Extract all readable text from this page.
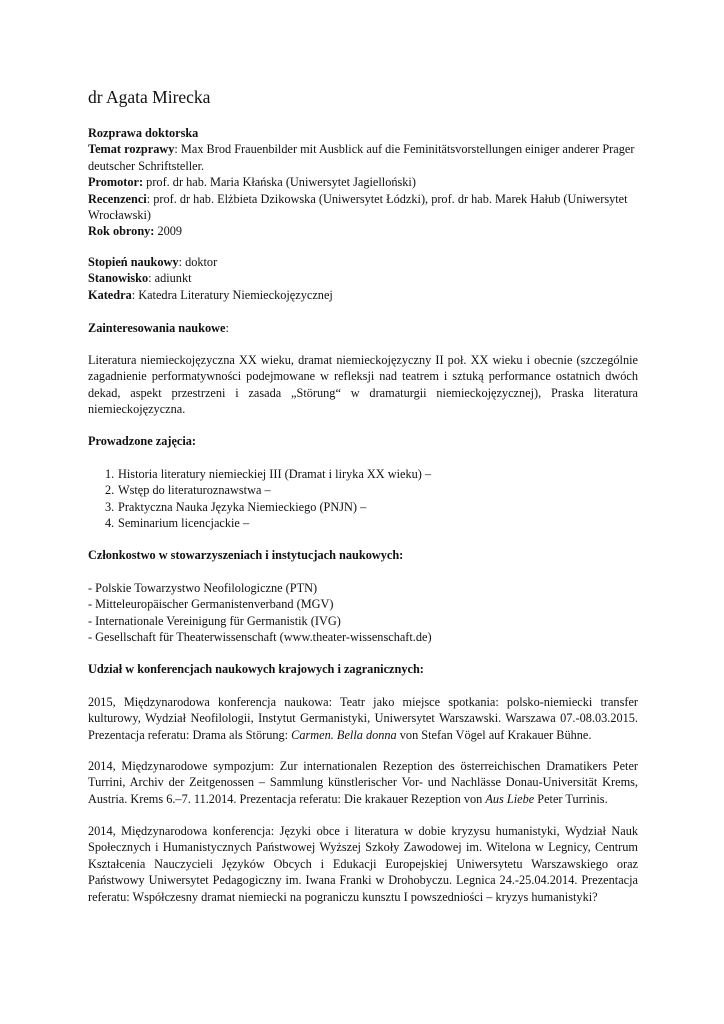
dr Agata Mirecka

Rozprawa doktorska

Temat rozprawy: Max Brod Frauenbilder mit Ausblick auf die Feminitätsvorstellungen einiger anderer Prager deutscher Schriftsteller.

Promotor: prof. dr hab. Maria Kłańska (Uniwersytet Jagielloński)

Recenzenci: prof. dr hab. Elżbieta Dzikowska (Uniwersytet Łódzki), prof. dr hab. Marek Hałub (Uniwersytet Wrocławski)

Rok obrony: 2009

Stopień naukowy: doktor

Stanowisko: adiunkt

Katedra: Katedra Literatury Niemieckojęzycznej

Zainteresowania naukowe:

Literatura niemieckojęzyczna XX wieku, dramat niemieckojęzyczny II poł. XX wieku i obecnie (szczególnie zagadnienie performatywności podejmowane w refleksji nad teatrem i sztuką performance ostatnich dwóch dekad, aspekt przestrzeni i zasada „Störung“ w dramaturgii niemieckojęzycznej), Praska literatura niemieckojęzyczna.

Prowadzone zajęcia:

1. Historia literatury niemieckiej III (Dramat i liryka XX wieku) –
2. Wstęp do literaturoznawstwa –
3. Praktyczna Nauka Języka Niemieckiego (PNJN) –
4. Seminarium licencjackie –

Członkostwo w stowarzyszeniach i instytucjach naukowych:

- Polskie Towarzystwo Neofilologiczne (PTN)

- Mitteleuropäischer Germanistenverband (MGV)

- Internationale Vereinigung für Germanistik (IVG)

- Gesellschaft für Theaterwissenschaft (www.theater-wissenschaft.de)

Udział w konferencjach naukowych krajowych i zagranicznych:

2015, Międzynarodowa konferencja naukowa: Teatr jako miejsce spotkania: polsko-niemiecki transfer kulturowy, Wydział Neofilologii, Instytut Germanistyki, Uniwersytet Warszawski. Warszawa 07.-08.03.2015. Prezentacja referatu: Drama als Störung: Carmen. Bella donna von Stefan Vögel auf Krakauer Bühne.

2014, Międzynarodowe sympozjum: Zur internationalen Rezeption des österreichischen Dramatikers Peter Turrini, Archiv der Zeitgenossen – Sammlung künstlerischer Vor- und Nachlässe Donau-Universität Krems, Austria. Krems 6.–7. 11.2014. Prezentacja referatu: Die krakauer Rezeption von Aus Liebe Peter Turrinis.

2014, Międzynarodowa konferencja: Języki obce i literatura w dobie kryzysu humanistyki, Wydział Nauk Społecznych i Humanistycznych Państwowej Wyższej Szkoły Zawodowej im. Witelona w Legnicy, Centrum Kształcenia Nauczycieli Języków Obcych i Edukacji Europejskiej Uniwersytetu Warszawskiego oraz Państwowy Uniwersytet Pedagogiczny im. Iwana Franki w Drohobyczu. Legnica 24.-25.04.2014. Prezentacja referatu: Współczesny dramat niemiecki na pograniczu kunsztu I powszedniości – kryzys humanistyki?
